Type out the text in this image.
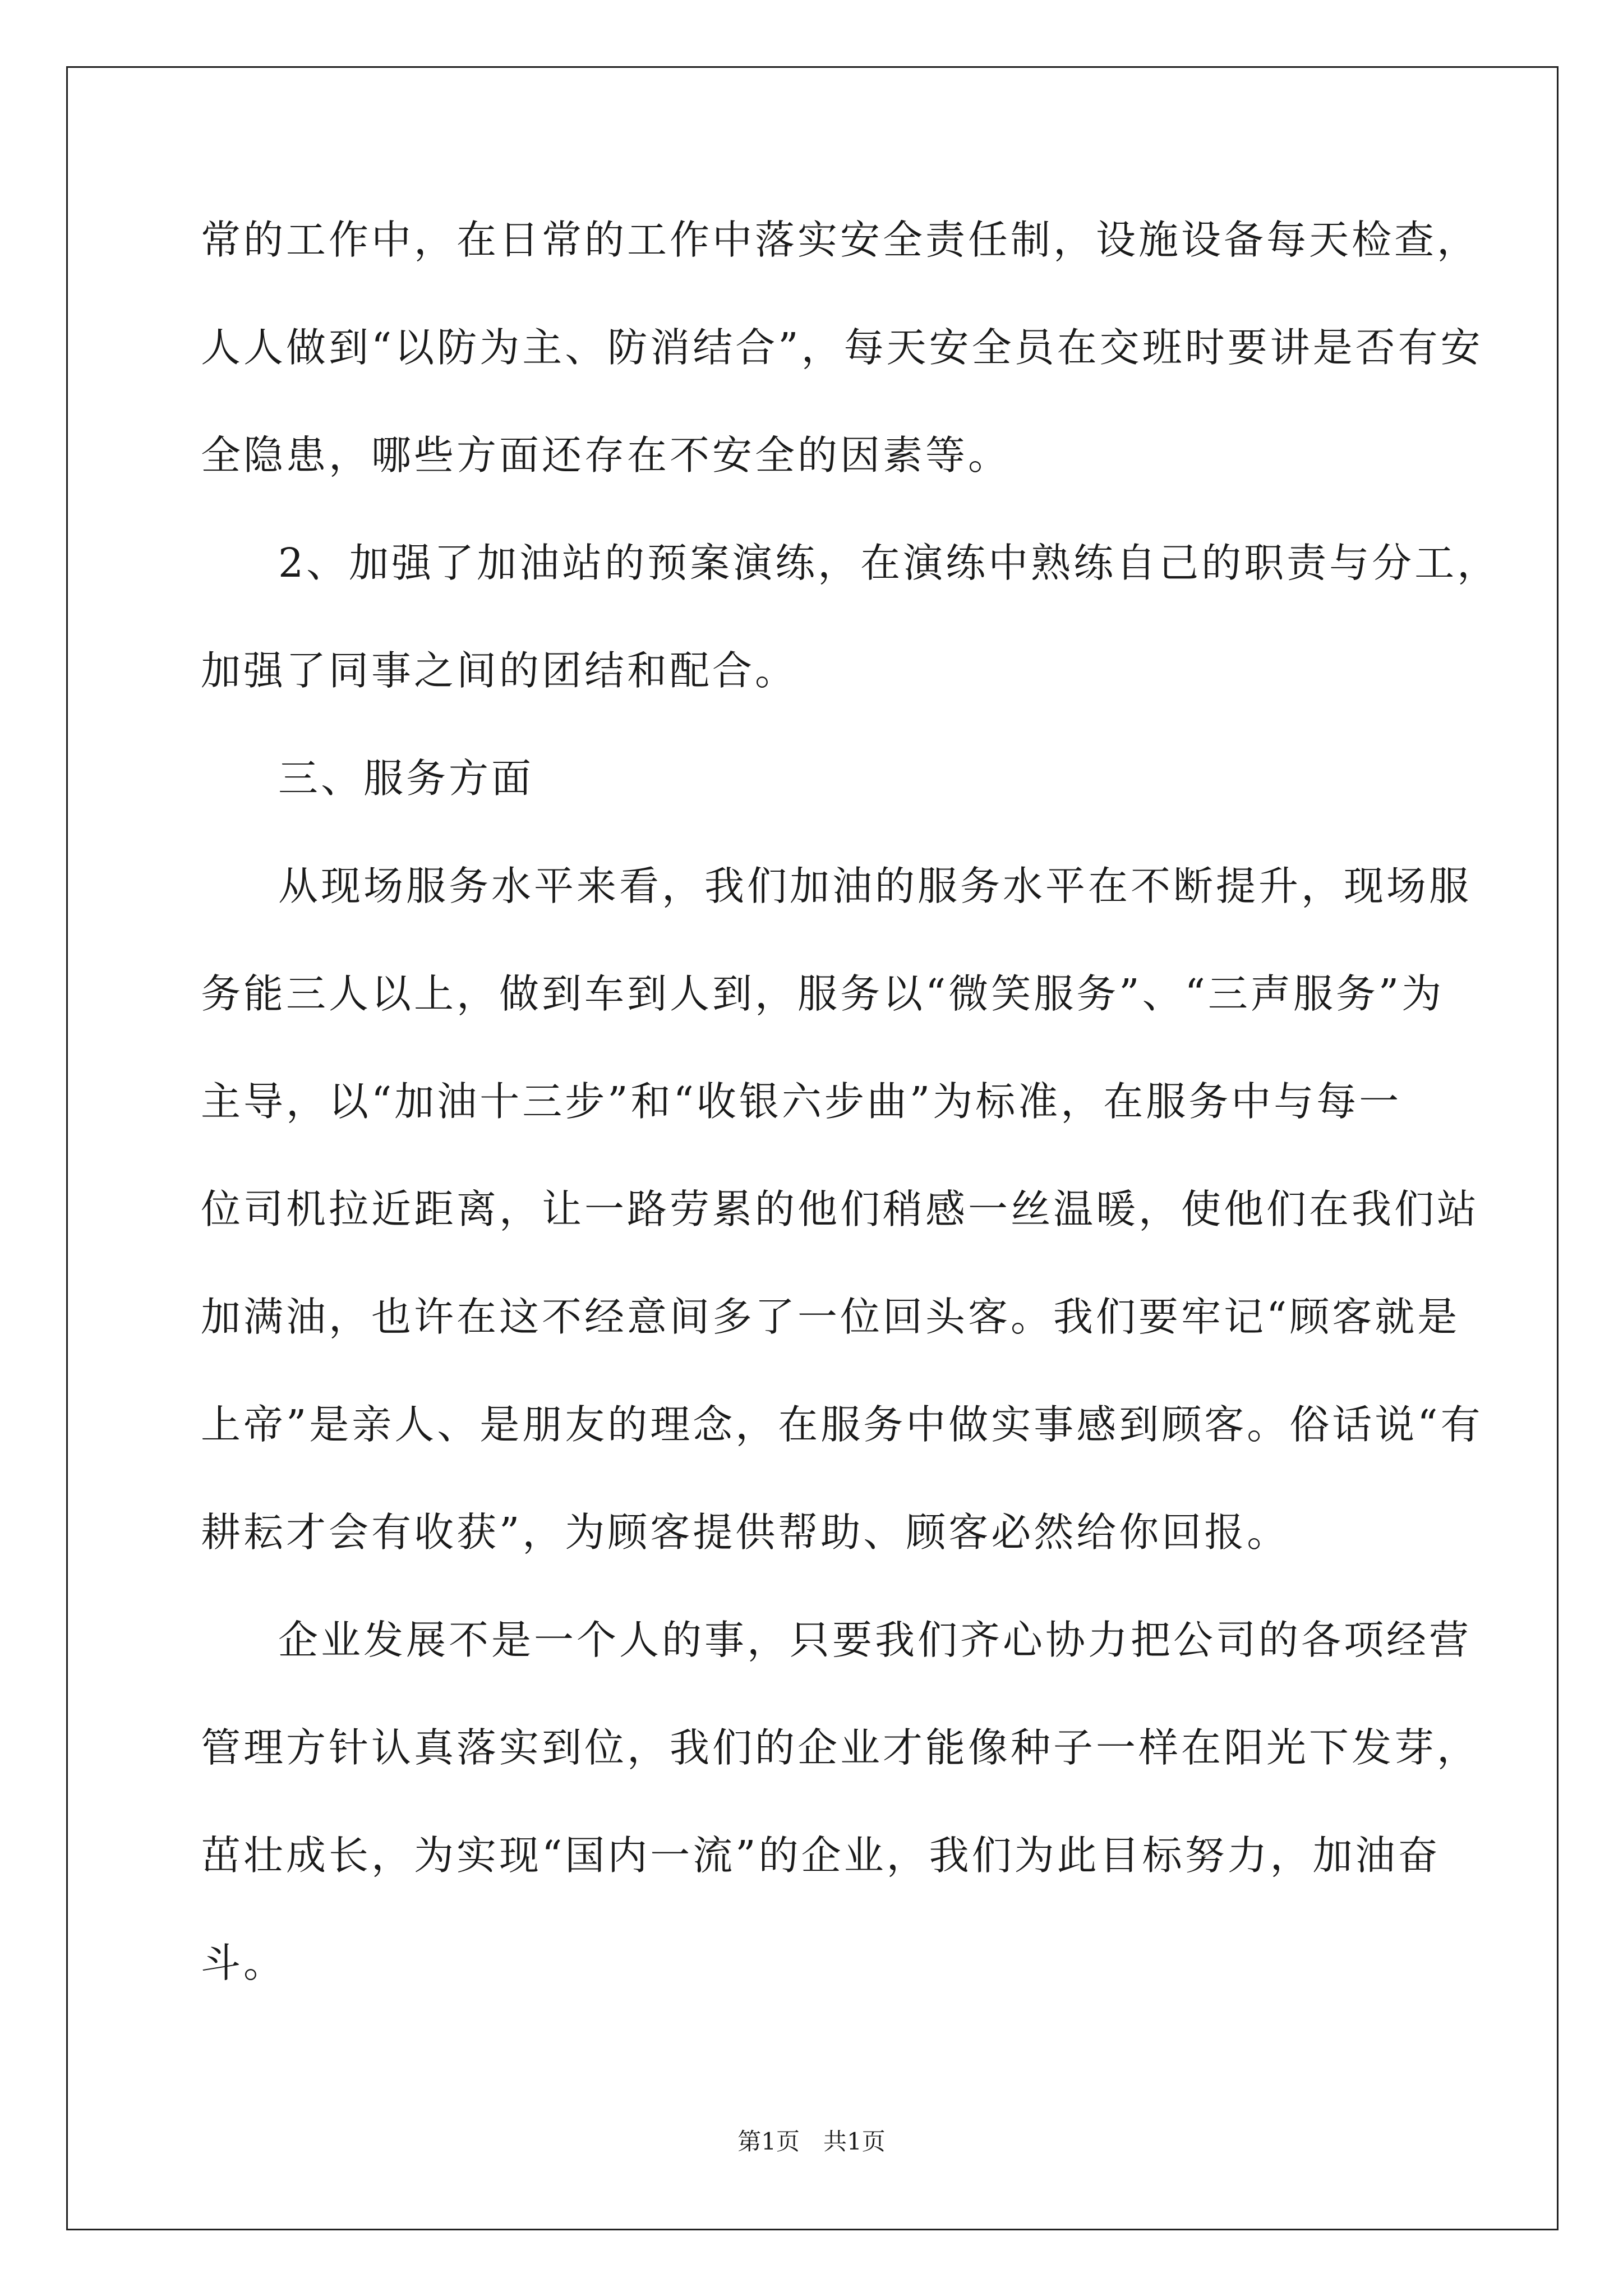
常的工作中，在日常的工作中落实安全责任制，设施设备每天检查，
人人做到“以防为主、防消结合”，每天安全员在交班时要讲是否有安
全隐患，哪些方面还存在不安全的因素等。
2、加强了加油站的预案演练，在演练中熟练自己的职责与分工，
加强了同事之间的团结和配合。
三、服务方面
从现场服务水平来看，我们加油的服务水平在不断提升，现场服
务能三人以上，做到车到人到，服务以“微笑服务”、“三声服务”为
主导，以“加油十三步”和“收银六步曲”为标准，在服务中与每一
位司机拉近距离，让一路劳累的他们稍感一丝温暖，使他们在我们站
加满油，也许在这不经意间多了一位回头客。我们要牢记“顾客就是
上帝”是亲人、是朋友的理念，在服务中做实事感到顾客。俗话说“有
耕耘才会有收获”，为顾客提供帮助、顾客必然给你回报。
企业发展不是一个人的事，只要我们齐心协力把公司的各项经营
管理方针认真落实到位，我们的企业才能像种子一样在阳光下发芽，
茁壮成长，为实现“国内一流”的企业，我们为此目标努力，加油奋
斗。
第1页　共1页
